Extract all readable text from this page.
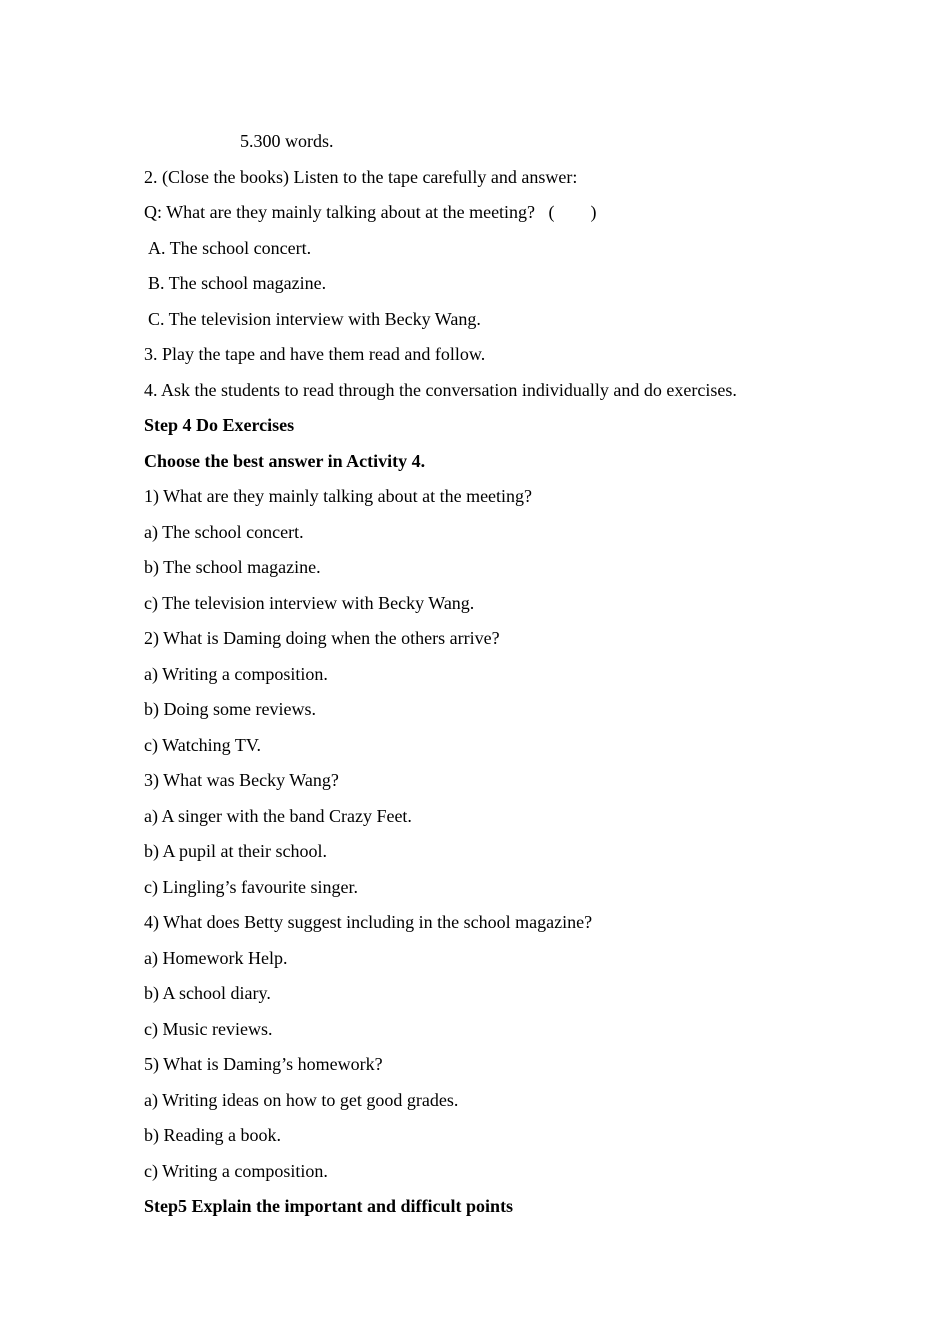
5.300 words.
2. (Close the books) Listen to the tape carefully and answer:
Q: What are they mainly talking about at the meeting?   (        )
A. The school concert.
B. The school magazine.
C. The television interview with Becky Wang.
3. Play the tape and have them read and follow.
4. Ask the students to read through the conversation individually and do exercises.
Step 4 Do Exercises
Choose the best answer in Activity 4.
1) What are they mainly talking about at the meeting?
a) The school concert.
b) The school magazine.
c) The television interview with Becky Wang.
2) What is Daming doing when the others arrive?
a) Writing a composition.
b) Doing some reviews.
c) Watching TV.
3) What was Becky Wang?
a) A singer with the band Crazy Feet.
b) A pupil at their school.
c) Lingling’s favourite singer.
4) What does Betty suggest including in the school magazine?
a) Homework Help.
b) A school diary.
c) Music reviews.
5) What is Daming’s homework?
a) Writing ideas on how to get good grades.
b) Reading a book.
c) Writing a composition.
Step5 Explain the important and difficult points
